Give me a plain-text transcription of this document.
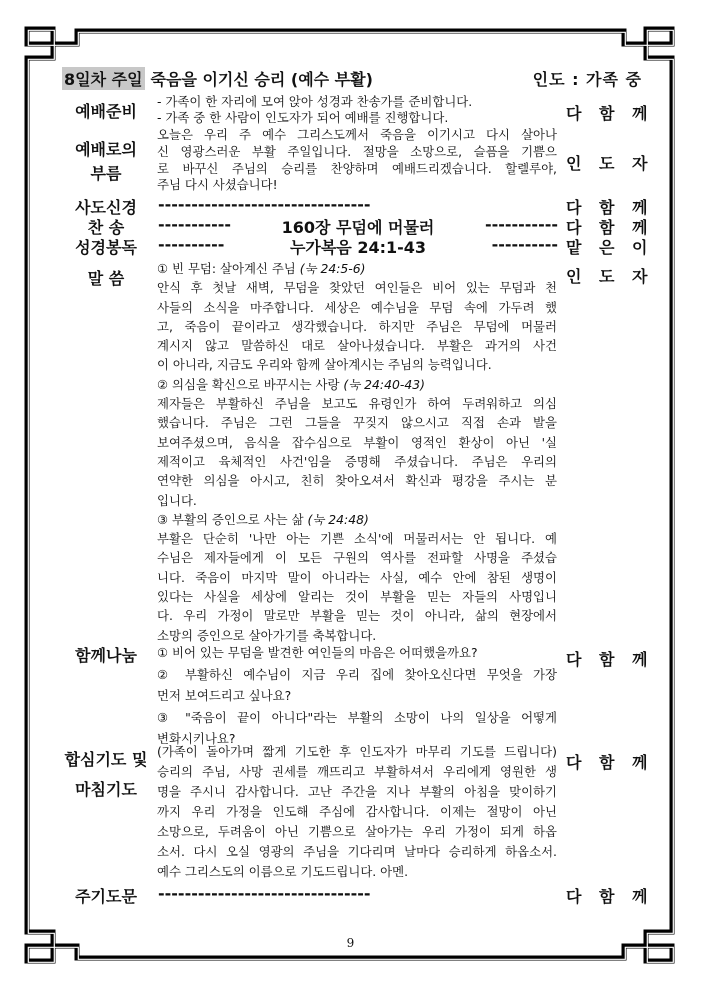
8일차 주일 죽음을 이기신 승리 (예수 부활)	인도 : 가족 중
예배준비
- 가족이 한 자리에 모여 앉아 성경과 찬송가를 준비합니다.
- 가족 중 한 사람이 인도자가 되어 예배를 진행합니다.	다 함 께
예배로의
부름
오늘은 우리 주 예수 그리스도께서 죽음을 이기시고 다시 살아나
신 영광스러운 부활 주일입니다. 절망을 소망으로, 슬픔을 기쁨으
로 바꾸신 주님의 승리를 찬양하며 예배드리겠습니다. 할렐루야,
주님 다시 사셨습니다!
인 도 자
사도신경	--------------------------------	다 함 께
찬 송	-----------	160장 무덤에 머물러	----------- 다 함 께
성경봉독	----------	누가복음 24:1-43	---------- 맡 은 이
말 씀	인 도 자
① 빈 무덤: 살아계신 주님 (눅 24:5-6)
안식 후 첫날 새벽, 무덤을 찾았던 여인들은 비어 있는 무덤과 천
사들의 소식을 마주합니다. 세상은 예수님을 무덤 속에 가두려 했
고, 죽음이 끝이라고 생각했습니다. 하지만 주님은 무덤에 머물러
계시지 않고 말씀하신 대로 살아나셨습니다. 부활은 과거의 사건
이 아니라, 지금도 우리와 함께 살아계시는 주님의 능력입니다.
② 의심을 확신으로 바꾸시는 사랑 (눅 24:40-43)
제자들은 부활하신 주님을 보고도 유령인가 하여 두려워하고 의심
했습니다. 주님은 그런 그들을 꾸짖지 않으시고 직접 손과 발을
보여주셨으며, 음식을 잡수심으로 부활이 영적인 환상이 아닌 '실
제적이고 육체적인 사건'임을 증명해 주셨습니다. 주님은 우리의
연약한 의심을 아시고, 친히 찾아오셔서 확신과 평강을 주시는 분
입니다.
③ 부활의 증인으로 사는 삶 (눅 24:48)
부활은 단순히 '나만 아는 기쁜 소식'에 머물러서는 안 됩니다. 예
수님은 제자들에게 이 모든 구원의 역사를 전파할 사명을 주셨습
니다. 죽음이 마지막 말이 아니라는 사실, 예수 안에 참된 생명이
있다는 사실을 세상에 알리는 것이 부활을 믿는 자들의 사명입니
다. 우리 가정이 말로만 부활을 믿는 것이 아니라, 삶의 현장에서
소망의 증인으로 살아가기를 축복합니다.
함께나눔	다 함 께
① 비어 있는 무덤을 발견한 여인들의 마음은 어떠했을까요?
② 부활하신 예수님이 지금 우리 집에 찾아오신다면 무엇을 가장
먼저 보여드리고 싶나요?
③ "죽음이 끝이 아니다"라는 부활의 소망이 나의 일상을 어떻게
변화시키나요?
합심기도 및
마침기도
다 함 께
(가족이 돌아가며 짧게 기도한 후 인도자가 마무리 기도를 드립니다)
승리의 주님, 사망 권세를 깨뜨리고 부활하셔서 우리에게 영원한 생
명을 주시니 감사합니다. 고난 주간을 지나 부활의 아침을 맞이하기
까지 우리 가정을 인도해 주심에 감사합니다. 이제는 절망이 아닌
소망으로, 두려움이 아닌 기쁨으로 살아가는 우리 가정이 되게 하옵
소서. 다시 오실 영광의 주님을 기다리며 날마다 승리하게 하옵소서.
예수 그리스도의 이름으로 기도드립니다. 아멘.
주기도문	--------------------------------	다 함 께
9
